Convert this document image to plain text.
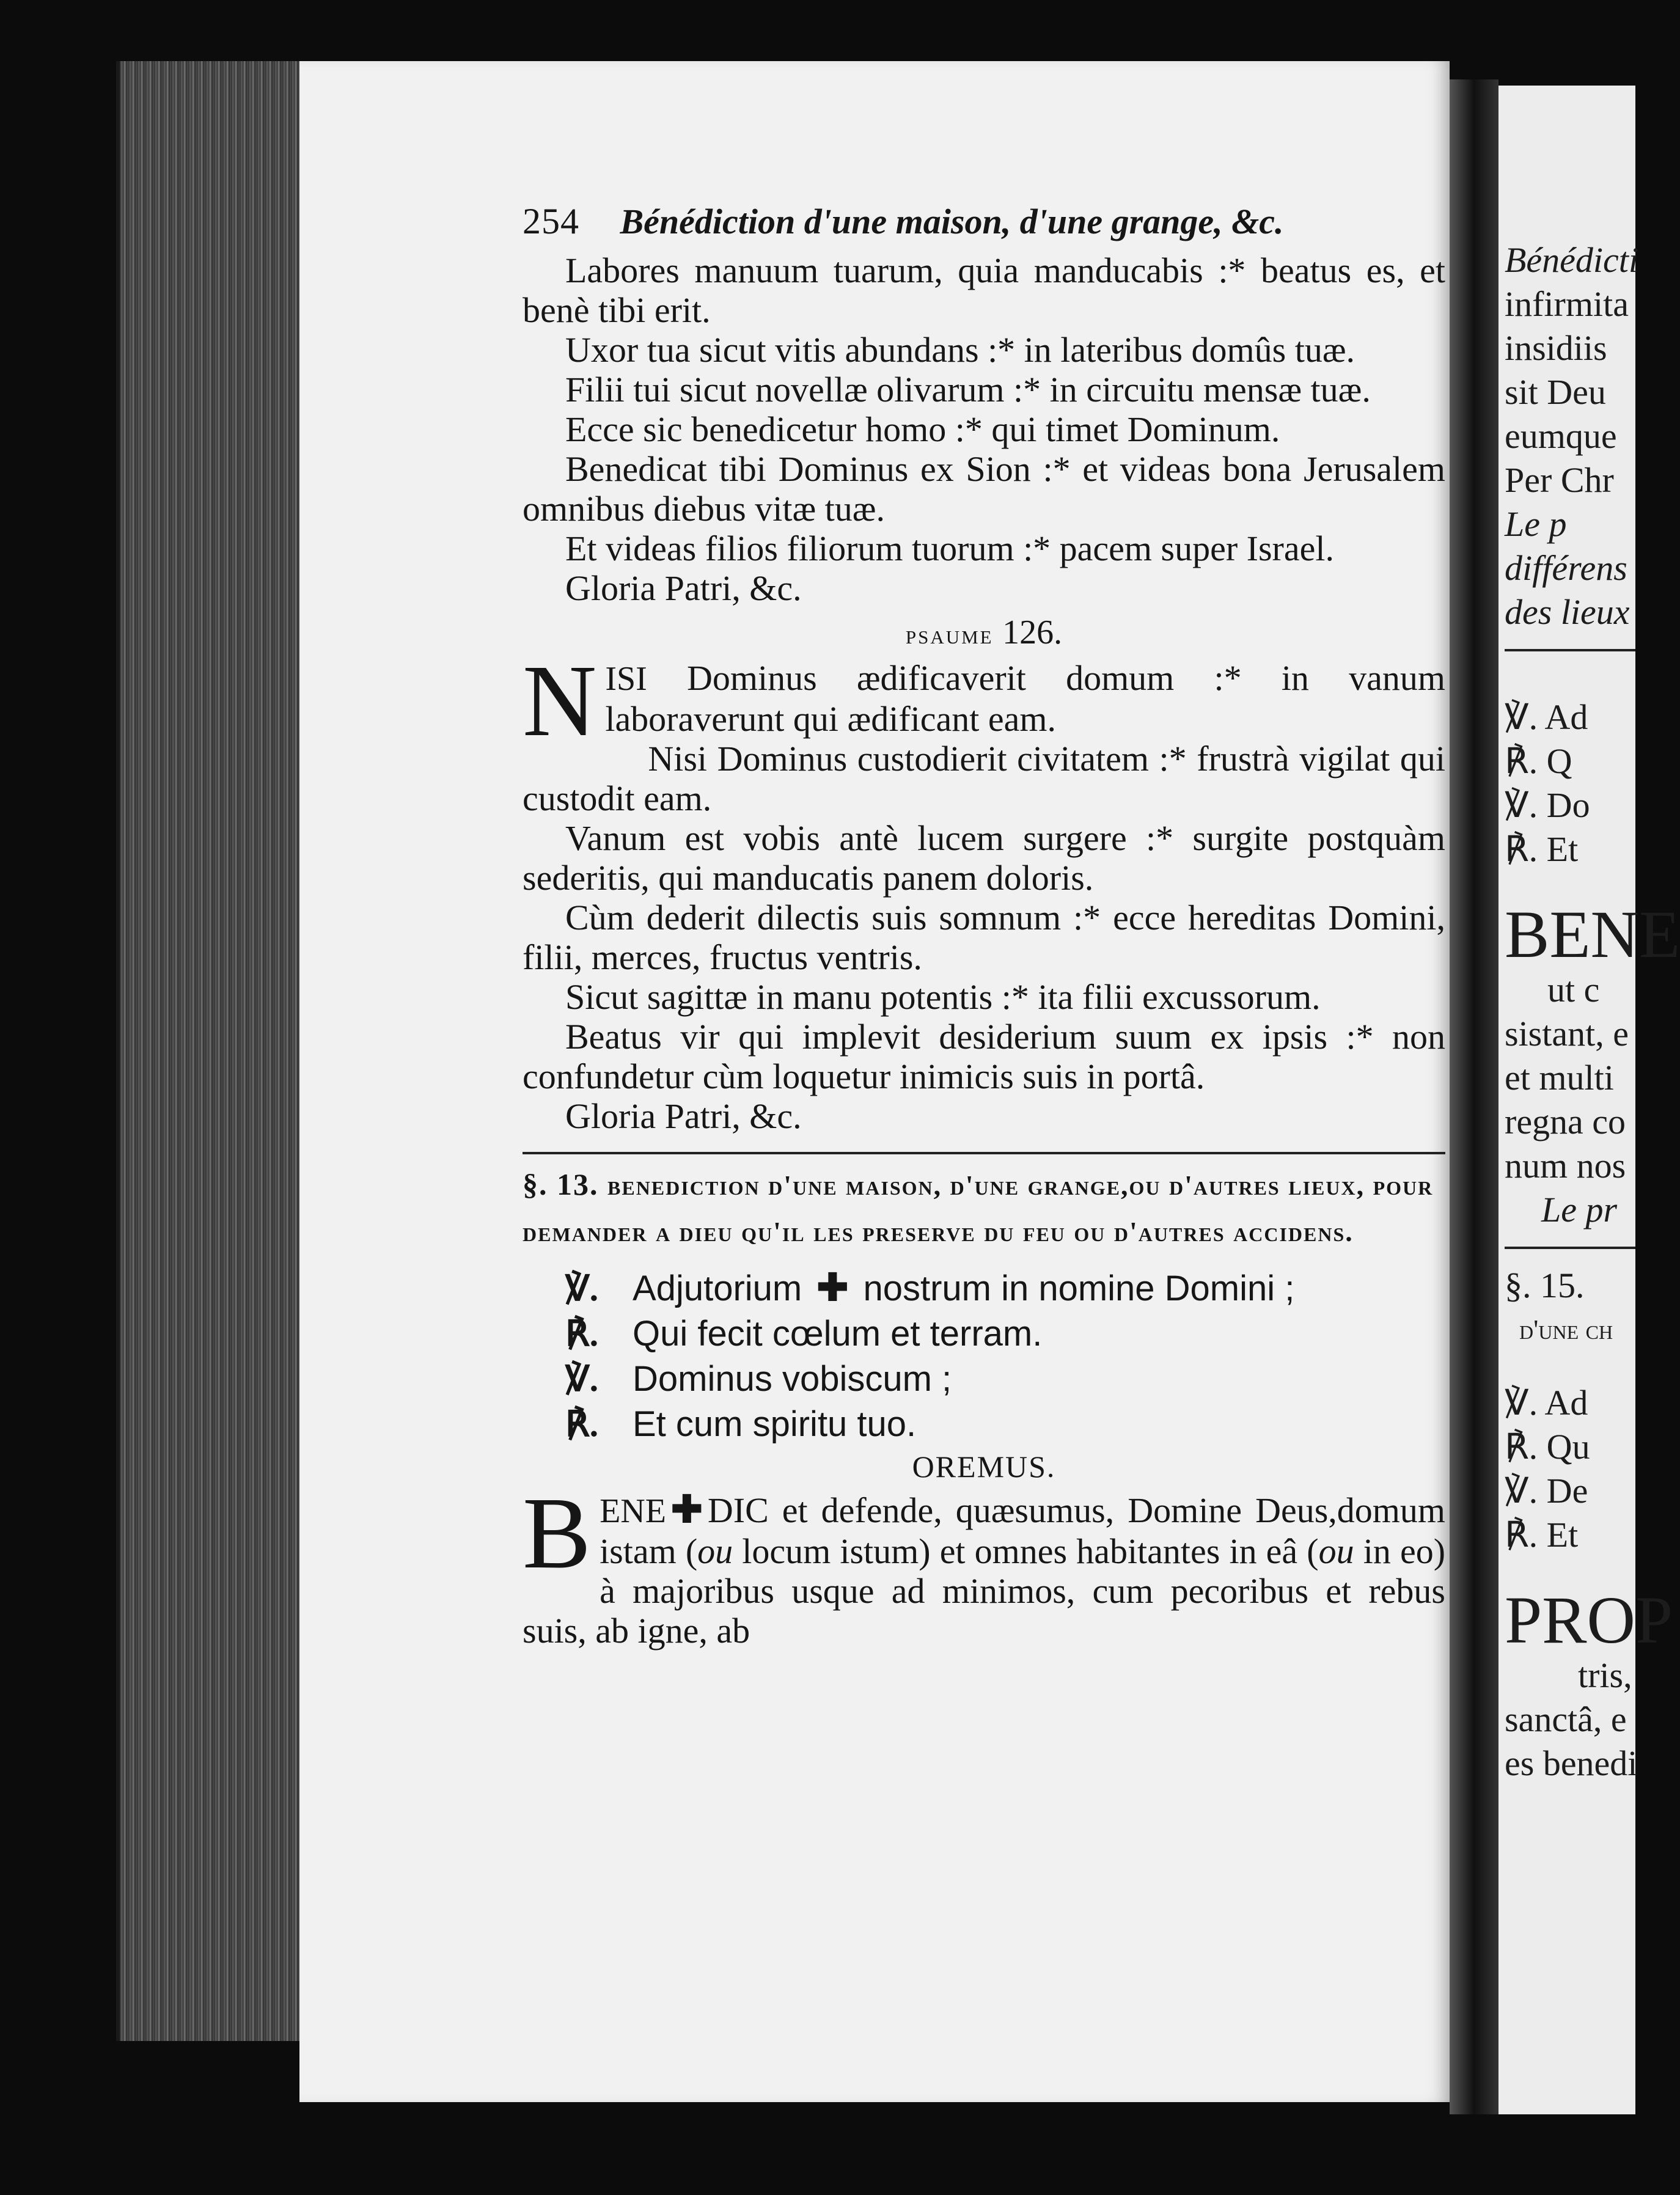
254 Bénédiction d'une maison, d'une grange, &c.

Labores manuum tuarum, quia manducabis :* beatus es, et benè tibi erit.

Uxor tua sicut vitis abundans :* in lateribus domûs tuæ.

Filii tui sicut novellæ olivarum :* in circuitu mensæ tuæ.

Ecce sic benedicetur homo :* qui timet Dominum.

Benedicat tibi Dominus ex Sion :* et videas bona Jerusalem omnibus diebus vitæ tuæ.

Et videas filios filiorum tuorum :* pacem super Israel.

Gloria Patri, &c.

psaume 126.

NISI Dominus ædificaverit domum :* in vanum laboraverunt qui ædificant eam.

Nisi Dominus custodierit civitatem :* frustrà vigilat qui custodit eam.

Vanum est vobis antè lucem surgere :* surgite postquàm sederitis, qui manducatis panem doloris.

Cùm dederit dilectis suis somnum :* ecce hereditas Domini, filii, merces, fructus ventris.

Sicut sagittæ in manu potentis :* ita filii excussorum.

Beatus vir qui implevit desiderium suum ex ipsis :* non confundetur cùm loquetur inimicis suis in portâ.

Gloria Patri, &c.

§. 13. benediction d'une maison, d'une grange,ou d'autres lieux, pour demander a dieu qu'il les preserve du feu ou d'autres accidens.

℣. Adjutorium ✚ nostrum in nomine Domini ;
℟. Qui fecit cœlum et terram.
℣. Dominus vobiscum ;
℟. Et cum spiritu tuo.
OREMUS.

BENE ✚ DIC et defende, quæsumus, Domine Deus,domum istam (ou locum istum) et omnes habitantes in eâ (ou in eo) à majoribus usque ad minimos, cum pecoribus et rebus suis, ab igne, ab

Bénédicti
infirmita
insidiis
sit Deu
eumque
Per Chr
Le p
différens
des lieux
℣. Ad
℟. Q
℣. Do
℟. Et
BENE
ut c
sistant, e
et multi
regna co
num nos
Le pr
§. 15.
d'une ch
℣. Ad
℟. Qu
℣. De
℟. Et
PROP
tris,
sanctâ, e
es benedi
